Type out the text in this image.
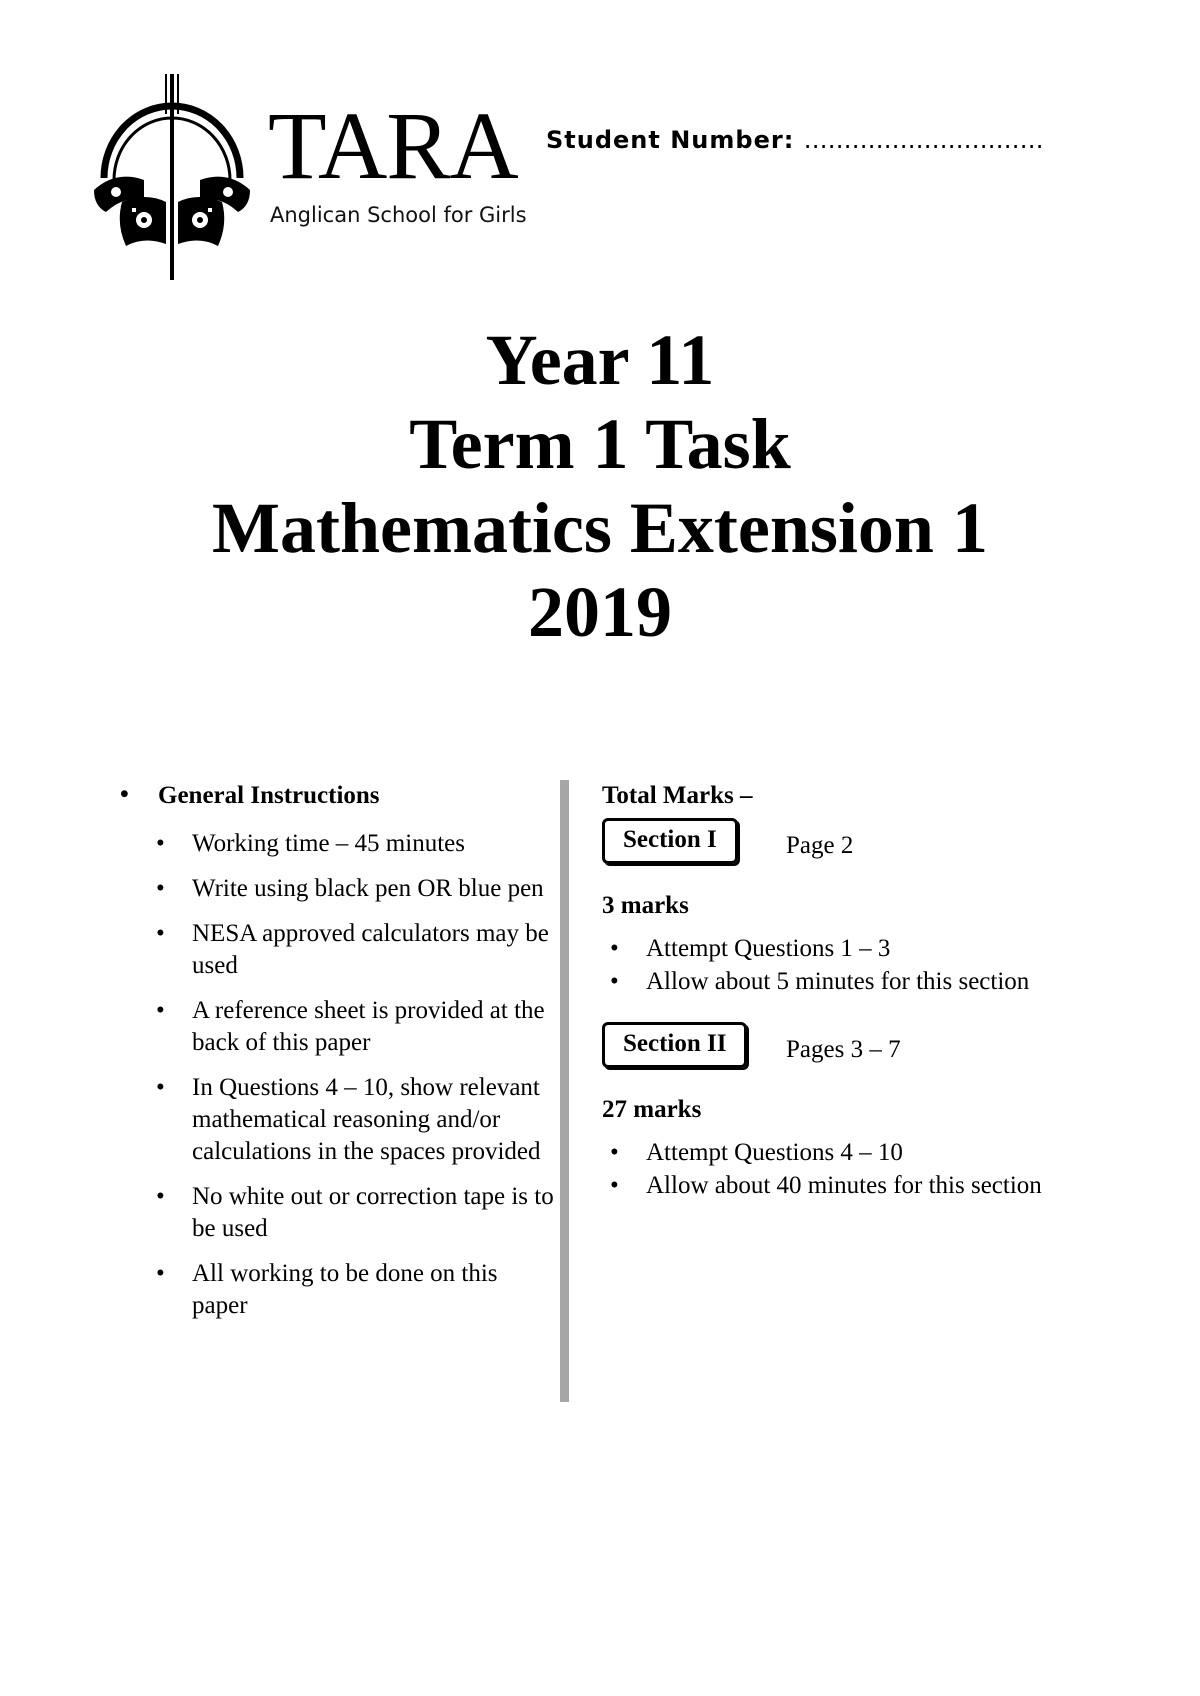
TARA
Anglican School for Girls
Student Number: …………………………
Year 11
Term 1 Task
Mathematics Extension 1
2019
• General Instructions
• Working time – 45 minutes
• Write using black pen OR blue pen
• NESA approved calculators may be used
• A reference sheet is provided at the back of this paper
• In Questions 4 – 10, show relevant mathematical reasoning and/or calculations in the spaces provided
• No white out or correction tape is to be used
• All working to be done on this paper
Total Marks –
Section I	Page 2
3 marks
• Attempt Questions 1 – 3
• Allow about 5 minutes for this section
Section II	Pages 3 – 7
27 marks
• Attempt Questions 4 – 10
• Allow about 40 minutes for this section
